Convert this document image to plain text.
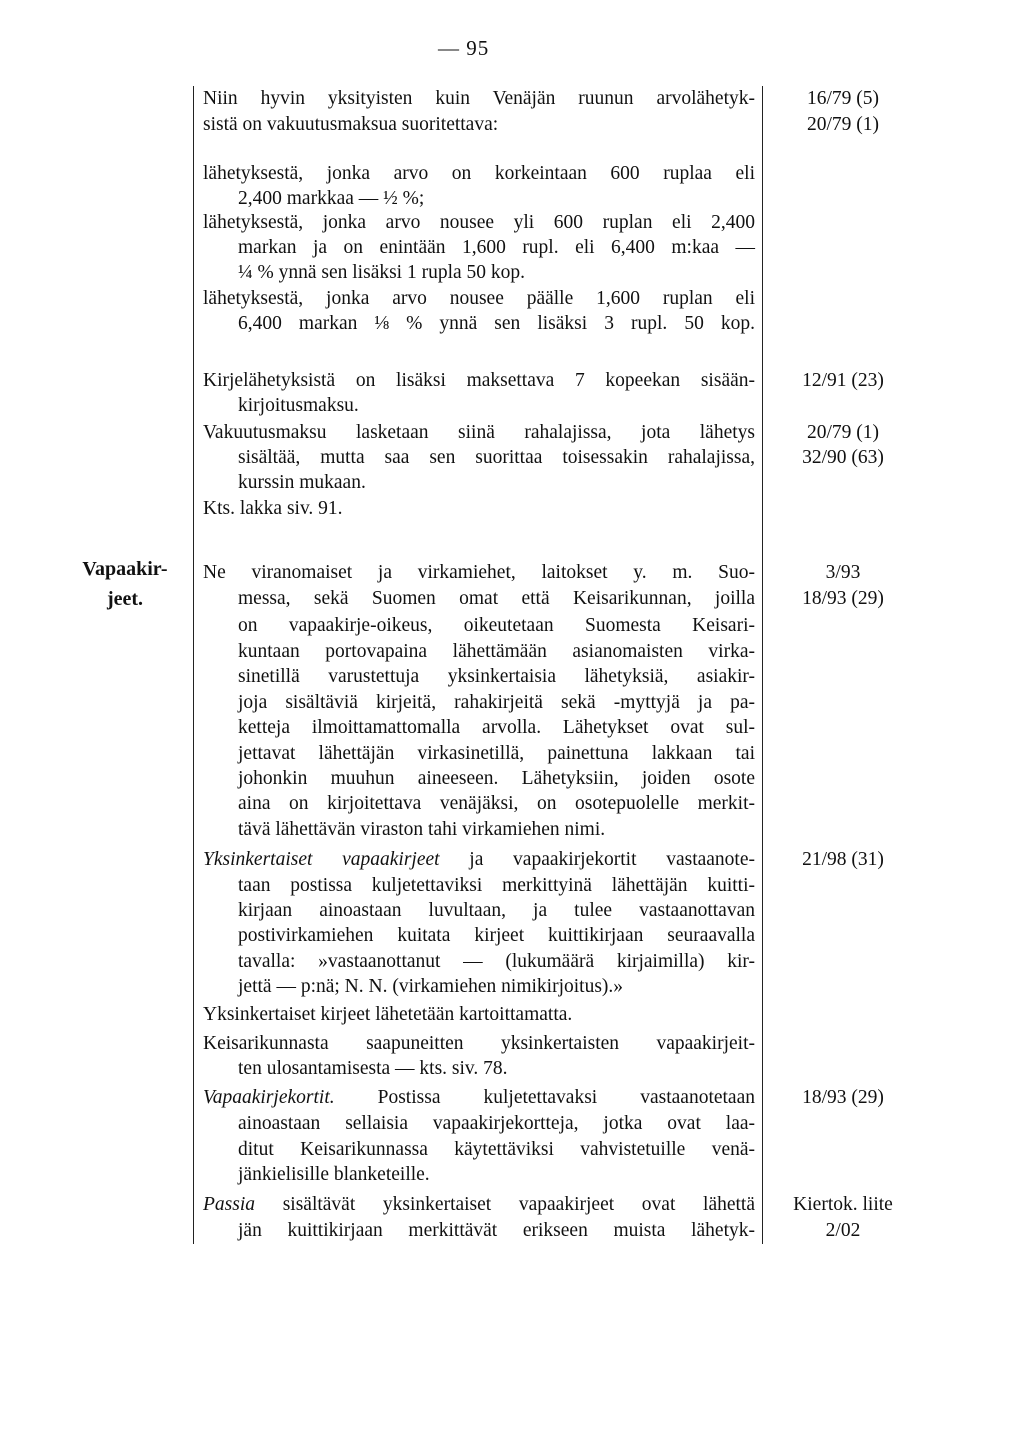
— 95
Vapaakir-
jeet.
Niin hyvin yksityisten kuin Venäjän ruunun arvolähetyk-	16/79 (5)
sistä on vakuutusmaksua suoritettava:	20/79 (1)
lähetyksestä, jonka arvo on korkeintaan 600 ruplaa eli
2,400 markkaa — ½ %;
lähetyksestä, jonka arvo nousee yli 600 ruplan eli 2,400
markan ja on enintään 1,600 rupl. eli 6,400 m:kaa —
¼ % ynnä sen lisäksi 1 rupla 50 kop.
lähetyksestä, jonka arvo nousee päälle 1,600 ruplan eli
6,400 markan ⅛ % ynnä sen lisäksi 3 rupl. 50 kop.
Kirjelähetyksistä on lisäksi maksettava 7 kopeekan sisään-	12/91 (23)
kirjoitusmaksu.
Vakuutusmaksu lasketaan siinä rahalajissa, jota lähetys	20/79 (1)
sisältää, mutta saa sen suorittaa toisessakin rahalajissa,	32/90 (63)
kurssin mukaan.
Kts. lakka siv. 91.
Ne viranomaiset ja virkamiehet, laitokset y. m. Suo-	3/93
messa, sekä Suomen omat että Keisarikunnan, joilla	18/93 (29)
on vapaakirje-oikeus, oikeutetaan Suomesta Keisari-
kuntaan portovapaina lähettämään asianomaisten virka-
sinetillä varustettuja yksinkertaisia lähetyksiä, asiakir-
joja sisältäviä kirjeitä, rahakirjeitä sekä -myttyjä ja pa-
ketteja ilmoittamattomalla arvolla. Lähetykset ovat sul-
jettavat lähettäjän virkasinetillä, painettuna lakkaan tai
johonkin muuhun aineeseen. Lähetyksiin, joiden osote
aina on kirjoitettava venäjäksi, on osotepuolelle merkit-
tävä lähettävän viraston tahi virkamiehen nimi.
Yksinkertaiset vapaakirjeet ja vapaakirjekortit vastaanote-	21/98 (31)
taan postissa kuljetettaviksi merkittyinä lähettäjän kuitti-
kirjaan ainoastaan luvultaan, ja tulee vastaanottavan
postivirkamiehen kuitata kirjeet kuittikirjaan seuraavalla
tavalla: »vastaanottanut — (lukumäärä kirjaimilla) kir-
jettä — p:nä; N. N. (virkamiehen nimikirjoitus).»
Yksinkertaiset kirjeet lähetetään kartoittamatta.
Keisarikunnasta saapuneitten yksinkertaisten vapaakirjeit-
ten ulosantamisesta — kts. siv. 78.
Vapaakirjekortit. Postissa kuljetettavaksi vastaanotetaan	18/93 (29)
ainoastaan sellaisia vapaakirjekortteja, jotka ovat laa-
ditut Keisarikunnassa käytettäviksi vahvistetuille venä-
jänkielisille blanketeille.
Passia sisältävät yksinkertaiset vapaakirjeet ovat lähettä	Kiertok. liite
jän kuittikirjaan merkittävät erikseen muista lähetyk-	2/02
